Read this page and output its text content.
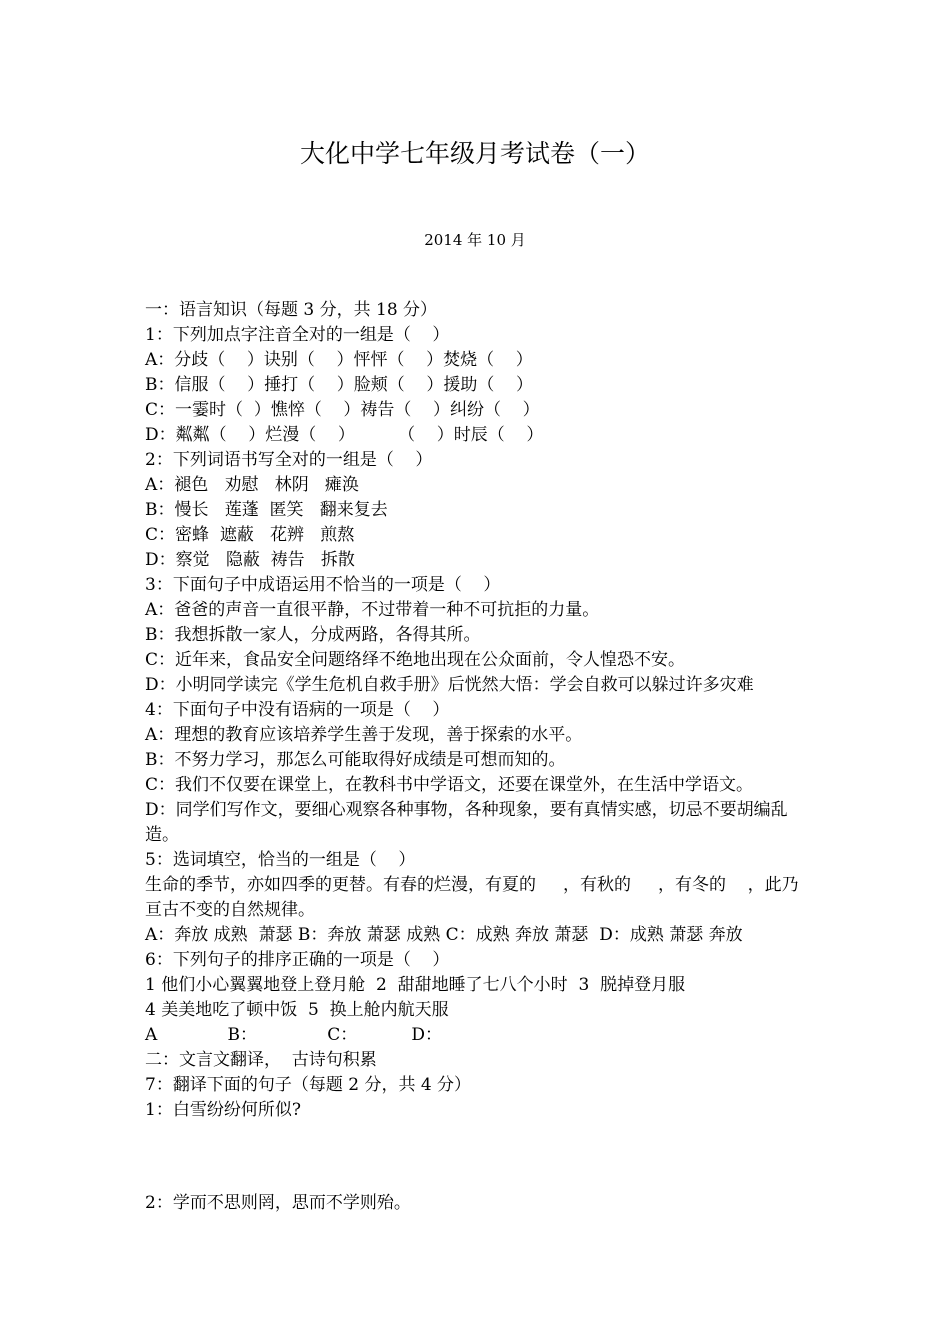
大化中学七年级月考试卷（一）
2014 年 10 月
一：语言知识（每题 3 分，共 18 分）
1：下列加点字注音全对的一组是（    ）
A：分歧（    ）诀别（    ）怦怦（    ）焚烧（    ）
B：信服（    ）捶打（    ）脸颊（    ）援助（    ）
C：一霎时（  ）憔悴（    ）祷告（    ）纠纷（    ）
D：粼粼（    ）烂漫（    ）        （    ）时辰（    ）
2：下列词语书写全对的一组是（    ）
A：褪色   劝慰   林阴   瘫涣
B：慢长   莲蓬  匿笑   翻来复去
C：密蜂  遮蔽   花辨   煎熬
D：察觉   隐蔽  祷告   拆散
3：下面句子中成语运用不恰当的一项是（    ）
A：爸爸的声音一直很平静，不过带着一种不可抗拒的力量。
B：我想拆散一家人，分成两路，各得其所。
C：近年来，食品安全问题络绎不绝地出现在公众面前，令人惶恐不安。
D：小明同学读完《学生危机自救手册》后恍然大悟：学会自救可以躲过许多灾难
4：下面句子中没有语病的一项是（    ）
A：理想的教育应该培养学生善于发现，善于探索的水平。
B：不努力学习，那怎么可能取得好成绩是可想而知的。
C：我们不仅要在课堂上，在教科书中学语文，还要在课堂外，在生活中学语文。
D：同学们写作文，要细心观察各种事物，各种现象，要有真情实感，切忌不要胡编乱造。
5：选词填空，恰当的一组是（    ）
生命的季节，亦如四季的更替。有春的烂漫，有夏的     ，有秋的     ，有冬的    ，此乃亘古不变的自然规律。
A：奔放 成熟  萧瑟 B：奔放 萧瑟 成熟 C：成熟 奔放 萧瑟  D：成熟 萧瑟 奔放
6：下列句子的排序正确的一项是（    ）
1 他们小心翼翼地登上登月舱  2  甜甜地睡了七八个小时  3  脱掉登月服
4 美美地吃了顿中饭  5  换上舱内航天服
A             B：             C：          D：
二：文言文翻译，  古诗句积累
7：翻译下面的句子（每题 2 分，共 4 分）
1：白雪纷纷何所似?
2：学而不思则罔，思而不学则殆。
